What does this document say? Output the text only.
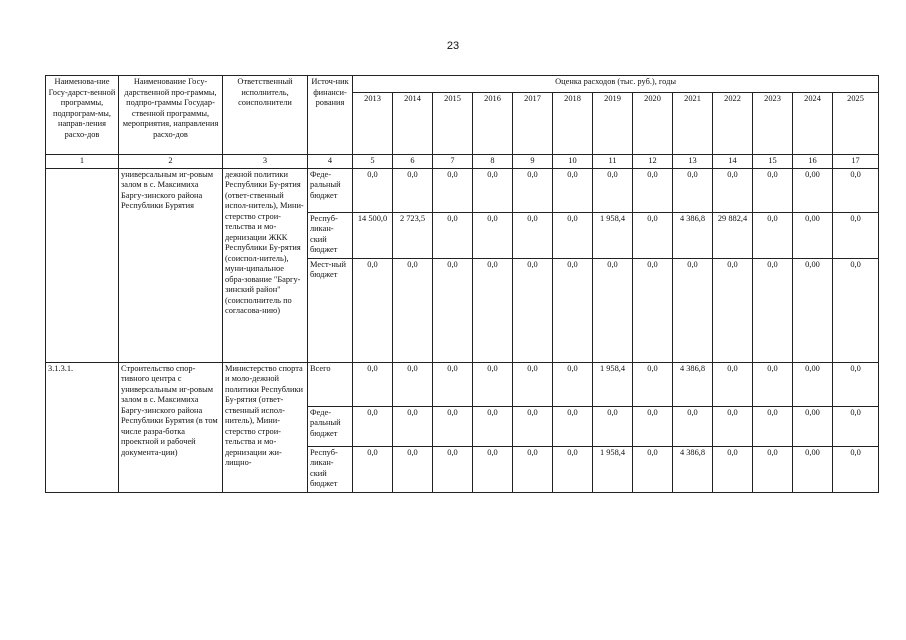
23
Наименова-ние Госу-дарст-венной программы, подпрограм-мы, направ-ления расхо-дов	Наименование Госу-дарственной про-граммы, подпро-граммы Государ-ственной программы, мероприятия, направления расхо-дов	Ответственный исполнитель, соисполнители	Источ-ник финанси-рования	Оценка расходов (тыс. руб.), годы												
				2013	2014	2015	2016	2017	2018	2019	2020	2021	2022	2023	2024	2025
1	2	3	4	5	6	7	8	9	10	11	12	13	14	15	16	17
	универсальным иг-ровым залом в с. Максимиха Баргу-зинского района Республики Бурятия	дежной политики Республики Бу-рятия (ответ-ственный испол-нитель), Мини-стерство строи-тельства и мо-дернизации ЖКК Республики Бу-рятия (соиспол-нитель), муни-ципальное обра-зование "Баргу-зинский район" (соисполнитель по согласова-нию)	Феде-ральный бюджет	0,0	0,0	0,0	0,0	0,0	0,0	0,0	0,0	0,0	0,0	0,0	0,00	0,0
			Респуб-ликан-ский бюджет	14 500,0	2 723,5	0,0	0,0	0,0	0,0	1 958,4	0,0	4 386,8	29 882,4	0,0	0,00	0,0
			Мест-ный бюджет	0,0	0,0	0,0	0,0	0,0	0,0	0,0	0,0	0,0	0,0	0,0	0,00	0,0
3.1.3.1.	Строительство спор-тивного центра с универсальным иг-ровым залом в с. Максимиха Баргу-зинского района Республики Бурятия (в том числе разра-ботка проектной и рабочей документа-ции)	Министерство спорта и моло-дежной политики Республики Бу-рятия (ответ-ственный испол-нитель), Мини-стерство строи-тельства и мо-дернизации жи-лищно-	Всего	0,0	0,0	0,0	0,0	0,0	0,0	1 958,4	0,0	4 386,8	0,0	0,0	0,00	0,0
			Феде-ральный бюджет	0,0	0,0	0,0	0,0	0,0	0,0	0,0	0,0	0,0	0,0	0,0	0,00	0,0
			Респуб-ликан-ский бюджет	0,0	0,0	0,0	0,0	0,0	0,0	1 958,4	0,0	4 386,8	0,0	0,0	0,00	0,0
